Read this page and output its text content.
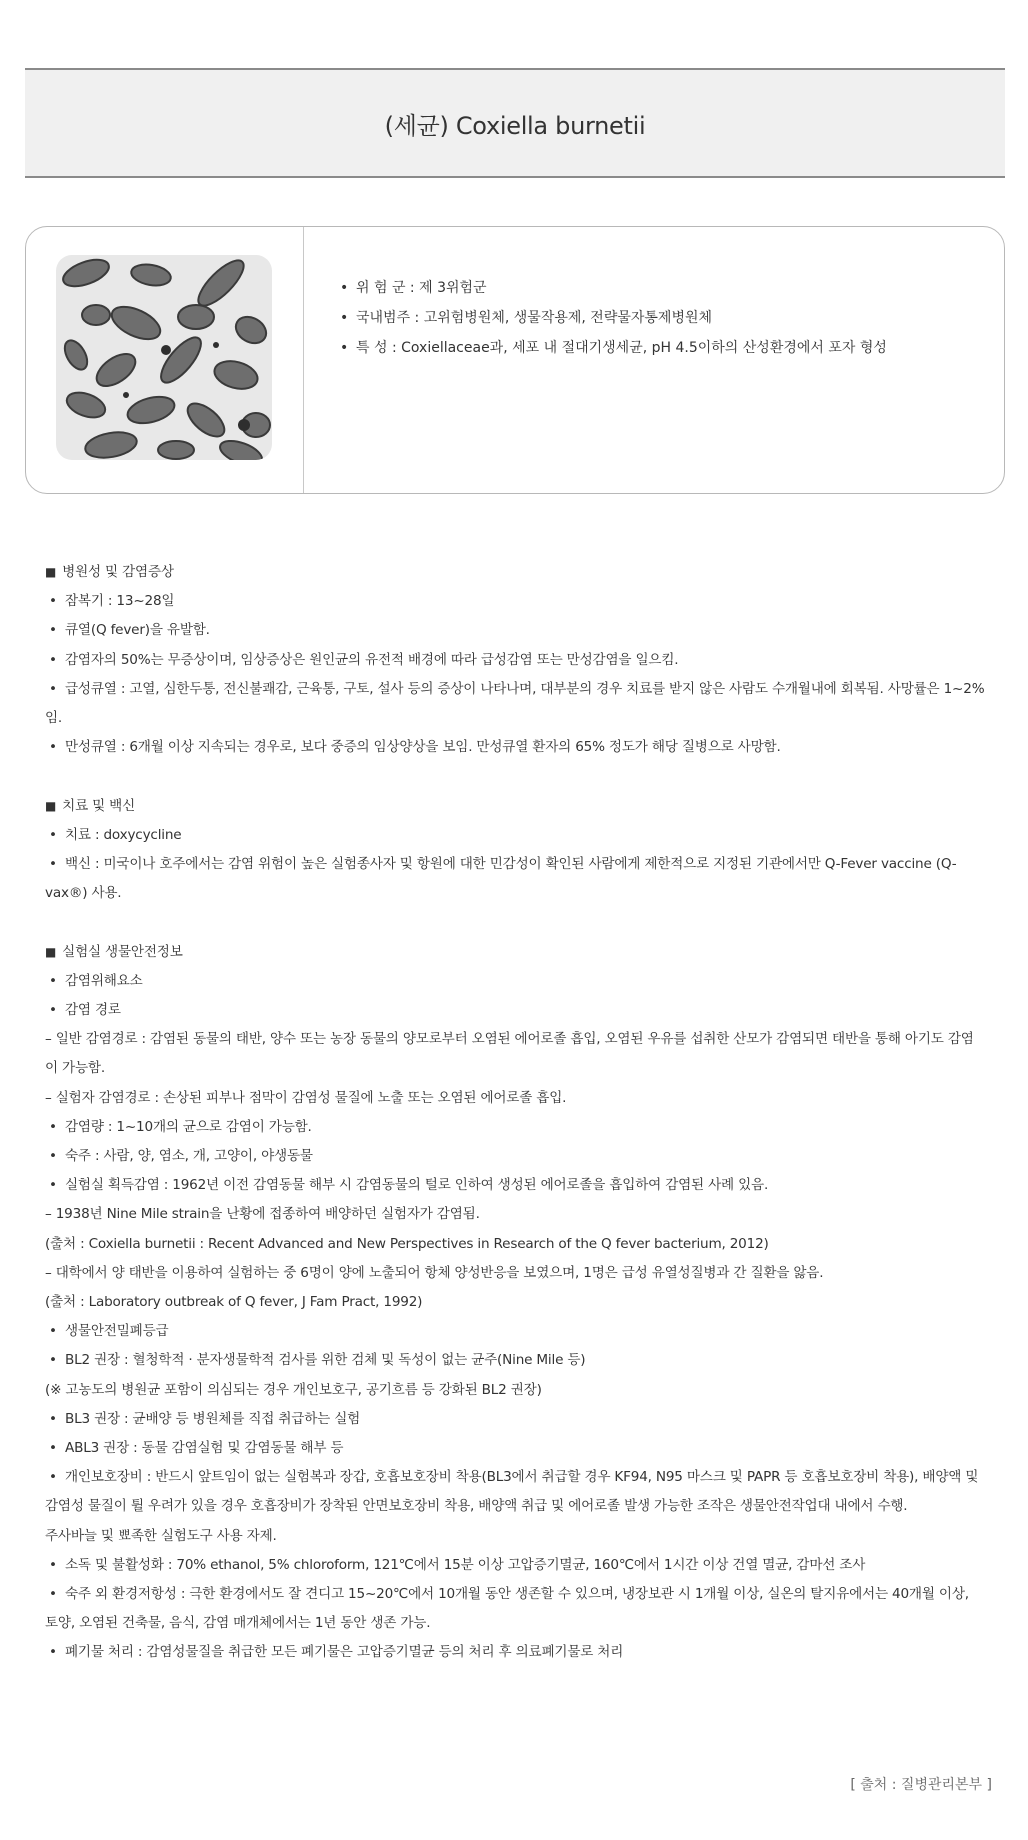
(세균) Coxiella burnetii
• 위 험 군 : 제 3위험군
• 국내범주 : 고위험병원체, 생물작용제, 전략물자통제병원체
• 특 성 : Coxiellaceae과, 세포 내 절대기생세균, pH 4.5이하의 산성환경에서 포자 형성
■ 병원성 및 감염증상
• 잠복기 : 13~28일
• 큐열(Q fever)을 유발함.
• 감염자의 50%는 무증상이며, 임상증상은 원인균의 유전적 배경에 따라 급성감염 또는 만성감염을 일으킴.
• 급성큐열 : 고열, 심한두통, 전신불쾌감, 근육통, 구토, 설사 등의 증상이 나타나며, 대부분의 경우 치료를 받지 않은 사람도 수개월내에 회복됨. 사망률은 1~2%임.
• 만성큐열 : 6개월 이상 지속되는 경우로, 보다 중증의 임상양상을 보임. 만성큐열 환자의 65% 정도가 해당 질병으로 사망함.
■ 치료 및 백신
• 치료 : doxycycline
• 백신 : 미국이나 호주에서는 감염 위험이 높은 실험종사자 및 항원에 대한 민감성이 확인된 사람에게 제한적으로 지정된 기관에서만 Q-Fever vaccine (Q-vax®) 사용.
■ 실험실 생물안전정보
• 감염위해요소
• 감염 경로
– 일반 감염경로 : 감염된 동물의 태반, 양수 또는 농장 동물의 양모로부터 오염된 에어로졸 흡입, 오염된 우유를 섭취한 산모가 감염되면 태반을 통해 아기도 감염이 가능함.
– 실험자 감염경로 : 손상된 피부나 점막이 감염성 물질에 노출 또는 오염된 에어로졸 흡입.
• 감염량 : 1~10개의 균으로 감염이 가능함.
• 숙주 : 사람, 양, 염소, 개, 고양이, 야생동물
• 실험실 획득감염 : 1962년 이전 감염동물 해부 시 감염동물의 털로 인하여 생성된 에어로졸을 흡입하여 감염된 사례 있음.
– 1938년 Nine Mile strain을 난황에 접종하여 배양하던 실험자가 감염됨.
(출처 : Coxiella burnetii : Recent Advanced and New Perspectives in Research of the Q fever bacterium, 2012)
– 대학에서 양 태반을 이용하여 실험하는 중 6명이 양에 노출되어 항체 양성반응을 보였으며, 1명은 급성 유열성질병과 간 질환을 앓음.
(출처 : Laboratory outbreak of Q fever, J Fam Pract, 1992)
• 생물안전밀폐등급
• BL2 권장 : 혈청학적 · 분자생물학적 검사를 위한 검체 및 독성이 없는 균주(Nine Mile 등)
(※ 고농도의 병원균 포함이 의심되는 경우 개인보호구, 공기흐름 등 강화된 BL2 권장)
• BL3 권장 : 균배양 등 병원체를 직접 취급하는 실험
• ABL3 권장 : 동물 감염실험 및 감염동물 해부 등
• 개인보호장비 : 반드시 앞트임이 없는 실험복과 장갑, 호흡보호장비 착용(BL3에서 취급할 경우 KF94, N95 마스크 및 PAPR 등 호흡보호장비 착용), 배양액 및 감염성 물질이 튈 우려가 있을 경우 호흡장비가 장착된 안면보호장비 착용, 배양액 취급 및 에어로졸 발생 가능한 조작은 생물안전작업대 내에서 수행.
주사바늘 및 뾰족한 실험도구 사용 자제.
• 소독 및 불활성화 : 70% ethanol, 5% chloroform, 121℃에서 15분 이상 고압증기멸균, 160℃에서 1시간 이상 건열 멸균, 감마선 조사
• 숙주 외 환경저항성 : 극한 환경에서도 잘 견디고 15~20℃에서 10개월 동안 생존할 수 있으며, 냉장보관 시 1개월 이상, 실온의 탈지유에서는 40개월 이상, 토양, 오염된 건축물, 음식, 감염 매개체에서는 1년 동안 생존 가능.
• 폐기물 처리 : 감염성물질을 취급한 모든 폐기물은 고압증기멸균 등의 처리 후 의료폐기물로 처리
[ 출처 : 질병관리본부 ]
